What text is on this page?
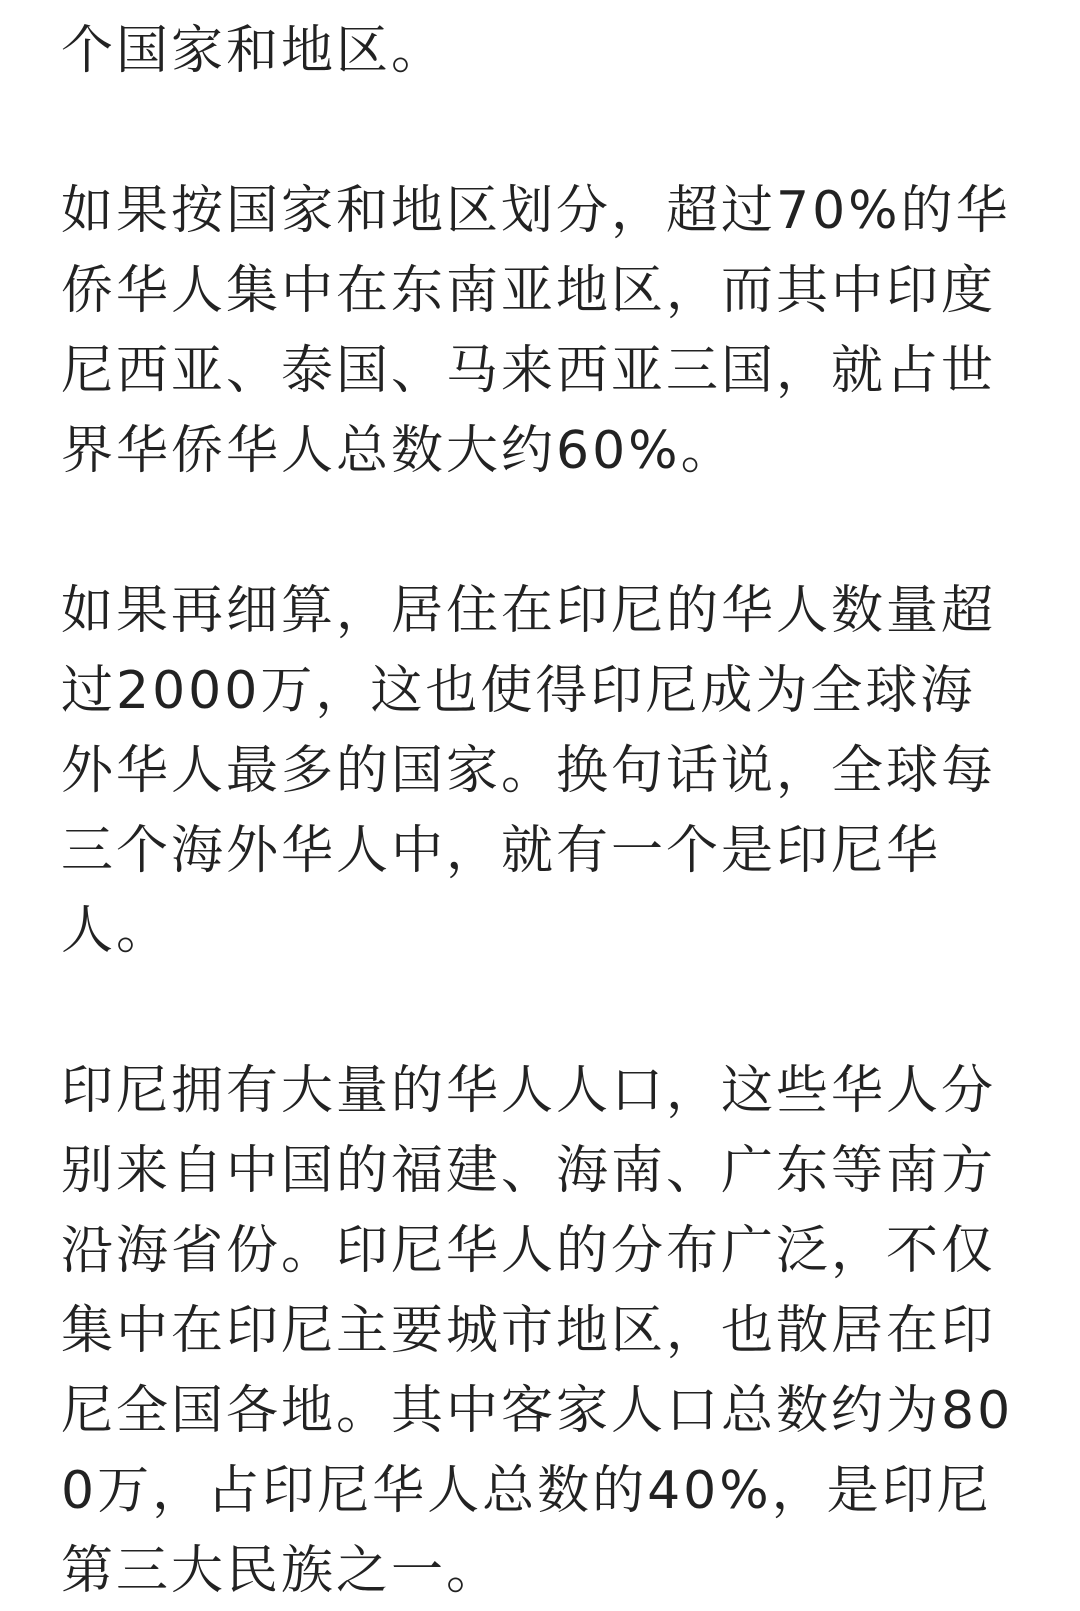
个国家和地区。

如果按国家和地区划分，超过70%的华侨华人集中在东南亚地区，而其中印度尼西亚、泰国、马来西亚三国，就占世界华侨华人总数大约60%。

如果再细算，居住在印尼的华人数量超过2000万，这也使得印尼成为全球海外华人最多的国家。换句话说，全球每三个海外华人中，就有一个是印尼华人。

印尼拥有大量的华人人口，这些华人分别来自中国的福建、海南、广东等南方沿海省份。印尼华人的分布广泛，不仅集中在印尼主要城市地区，也散居在印尼全国各地。其中客家人口总数约为800万，占印尼华人总数的40%，是印尼第三大民族之一。
